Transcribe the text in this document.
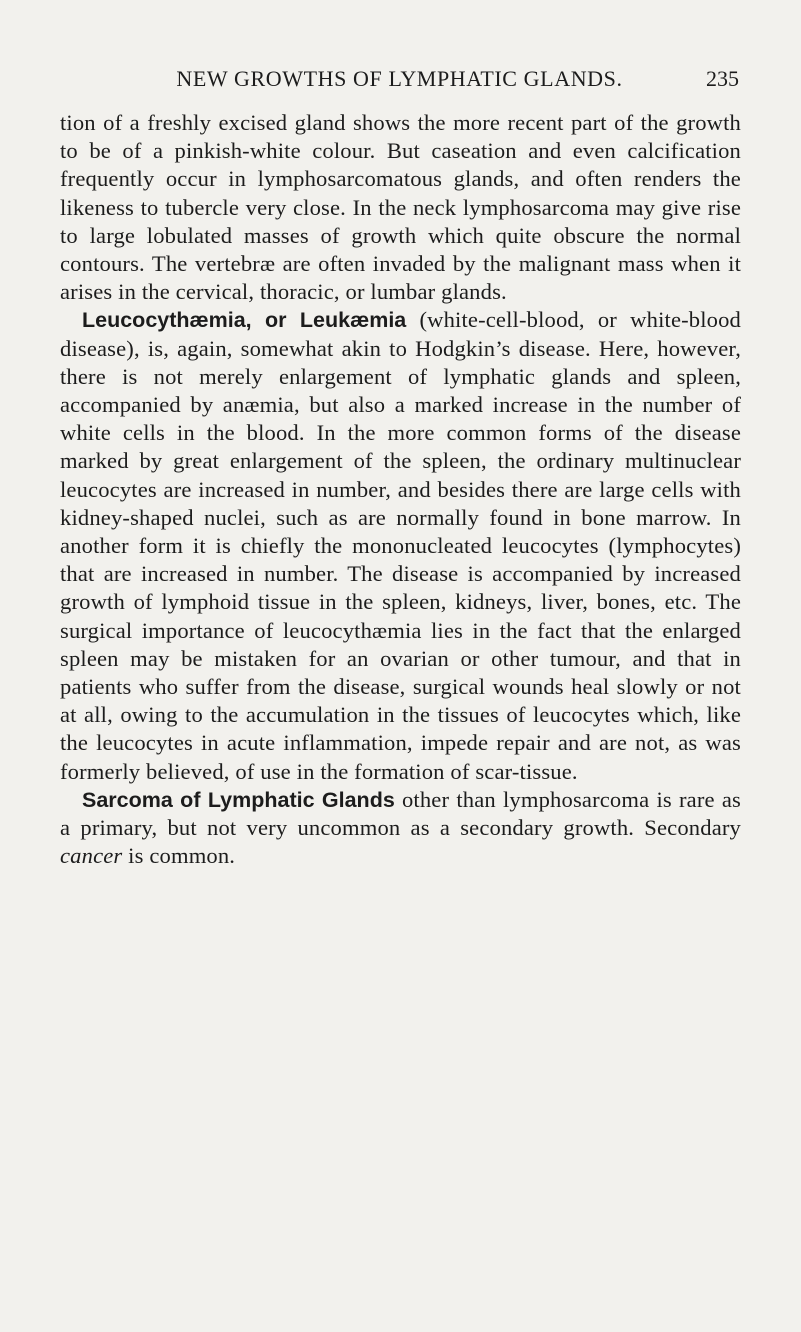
NEW GROWTHS OF LYMPHATIC GLANDS.	235

tion of a freshly excised gland shows the more recent part of the growth to be of a pinkish-white colour. But caseation and even calcification frequently occur in lymphosarcomatous glands, and often renders the likeness to tubercle very close. In the neck lymphosarcoma may give rise to large lobulated masses of growth which quite obscure the normal contours. The vertebræ are often invaded by the malignant mass when it arises in the cervical, thoracic, or lumbar glands.

Leucocythæmia, or Leukæmia (white-cell-blood, or white-blood disease), is, again, somewhat akin to Hodgkin’s disease. Here, however, there is not merely enlargement of lymphatic glands and spleen, accompanied by anæmia, but also a marked increase in the number of white cells in the blood. In the more common forms of the disease marked by great enlargement of the spleen, the ordinary multinuclear leucocytes are increased in number, and besides there are large cells with kidney-shaped nuclei, such as are normally found in bone marrow. In another form it is chiefly the mononucleated leucocytes (lymphocytes) that are increased in number. The disease is accompanied by increased growth of lymphoid tissue in the spleen, kidneys, liver, bones, etc. The surgical importance of leucocythæmia lies in the fact that the enlarged spleen may be mistaken for an ovarian or other tumour, and that in patients who suffer from the disease, surgical wounds heal slowly or not at all, owing to the accumulation in the tissues of leucocytes which, like the leucocytes in acute inflammation, impede repair and are not, as was formerly believed, of use in the formation of scar-tissue.

Sarcoma of Lymphatic Glands other than lymphosarcoma is rare as a primary, but not very uncommon as a secondary growth. Secondary cancer is common.
